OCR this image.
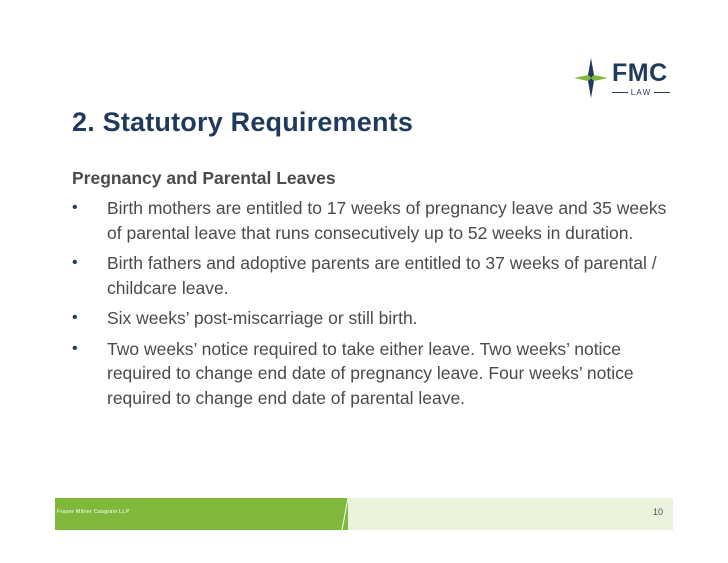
FMC
LAW
2. Statutory Requirements
Pregnancy and Parental Leaves
• Birth mothers are entitled to 17 weeks of pregnancy leave and 35 weeks of parental leave that runs consecutively up to 52 weeks in duration.
• Birth fathers and adoptive parents are entitled to 37 weeks of parental / childcare leave.
• Six weeks’ post-miscarriage or still birth.
• Two weeks’ notice required to take either leave. Two weeks’ notice required to change end date of pregnancy leave. Four weeks’ notice required to change end date of parental leave.
Fraser Milner Casgrain LLP	10
